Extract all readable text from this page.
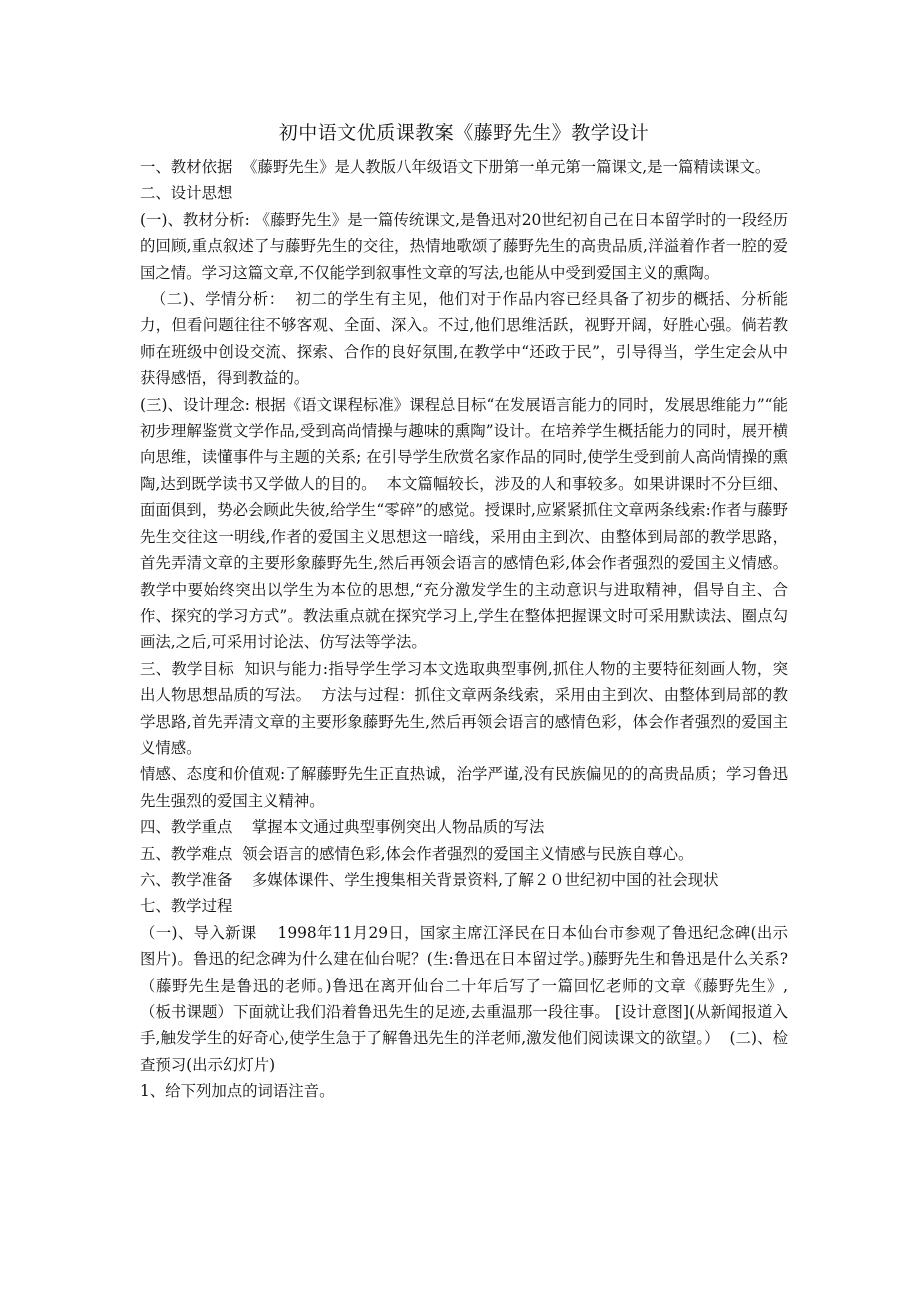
初中语文优质课教案《藤野先生》教学设计

一、教材依据  《藤野先生》是人教版八年级语文下册第一单元第一篇课文,是一篇精读课文。

二、设计思想

(一)、教材分析: 《藤野先生》是一篇传统课文,是鲁迅对20世纪初自己在日本留学时的一段经历的回顾,重点叙述了与藤野先生的交往，热情地歌颂了藤野先生的高贵品质,洋溢着作者一腔的爱国之情。学习这篇文章,不仅能学到叙事性文章的写法,也能从中受到爱国主义的熏陶。

（二)、学情分析：  初二的学生有主见，他们对于作品内容已经具备了初步的概括、分析能力，但看问题往往不够客观、全面、深入。不过,他们思维活跃，视野开阔，好胜心强。倘若教师在班级中创设交流、探索、合作的良好氛围,在教学中“还政于民”，引导得当，学生定会从中获得感悟，得到教益的。

(三)、设计理念: 根据《语文课程标准》课程总目标“在发展语言能力的同时，发展思维能力”“能初步理解鉴赏文学作品,受到高尚情操与趣味的熏陶”设计。在培养学生概括能力的同时，展开横向思维，读懂事件与主题的关系; 在引导学生欣赏名家作品的同时,使学生受到前人高尚情操的熏陶,达到既学读书又学做人的目的。  本文篇幅较长，涉及的人和事较多。如果讲课时不分巨细、面面俱到，势必会顾此失彼,给学生“零碎”的感觉。授课时,应紧紧抓住文章两条线索:作者与藤野先生交往这一明线,作者的爱国主义思想这一暗线，采用由主到次、由整体到局部的教学思路，首先弄清文章的主要形象藤野先生,然后再领会语言的感情色彩,体会作者强烈的爱国主义情感。  教学中要始终突出以学生为本位的思想,“充分激发学生的主动意识与进取精神，倡导自主、合作、探究的学习方式”。教法重点就在探究学习上,学生在整体把握课文时可采用默读法、圈点勾画法,之后,可采用讨论法、仿写法等学法。

三、教学目标  知识与能力:指导学生学习本文选取典型事例,抓住人物的主要特征刻画人物，突出人物思想品质的写法。  方法与过程：抓住文章两条线索，采用由主到次、由整体到局部的教学思路,首先弄清文章的主要形象藤野先生,然后再领会语言的感情色彩，体会作者强烈的爱国主义情感。

情感、态度和价值观:了解藤野先生正直热诚，治学严谨,没有民族偏见的的高贵品质；学习鲁迅先生强烈的爱国主义精神。

四、教学重点    掌握本文通过典型事例突出人物品质的写法

五、教学难点  领会语言的感情色彩,体会作者强烈的爱国主义情感与民族自尊心。

六、教学准备    多媒体课件、学生搜集相关背景资料,了解２０世纪初中国的社会现状

七、教学过程

（一)、导入新课    1998年11月29日，国家主席江泽民在日本仙台市参观了鲁迅纪念碑(出示图片)。鲁迅的纪念碑为什么建在仙台呢？(生:鲁迅在日本留过学。)藤野先生和鲁迅是什么关系?（藤野先生是鲁迅的老师。)鲁迅在离开仙台二十年后写了一篇回忆老师的文章《藤野先生》,（板书课题）下面就让我们沿着鲁迅先生的足迹,去重温那一段往事。 [设计意图](从新闻报道入手,触发学生的好奇心,使学生急于了解鲁迅先生的洋老师,激发他们阅读课文的欲望。）  (二)、检查预习(出示幻灯片)

1、给下列加点的词语注音。
